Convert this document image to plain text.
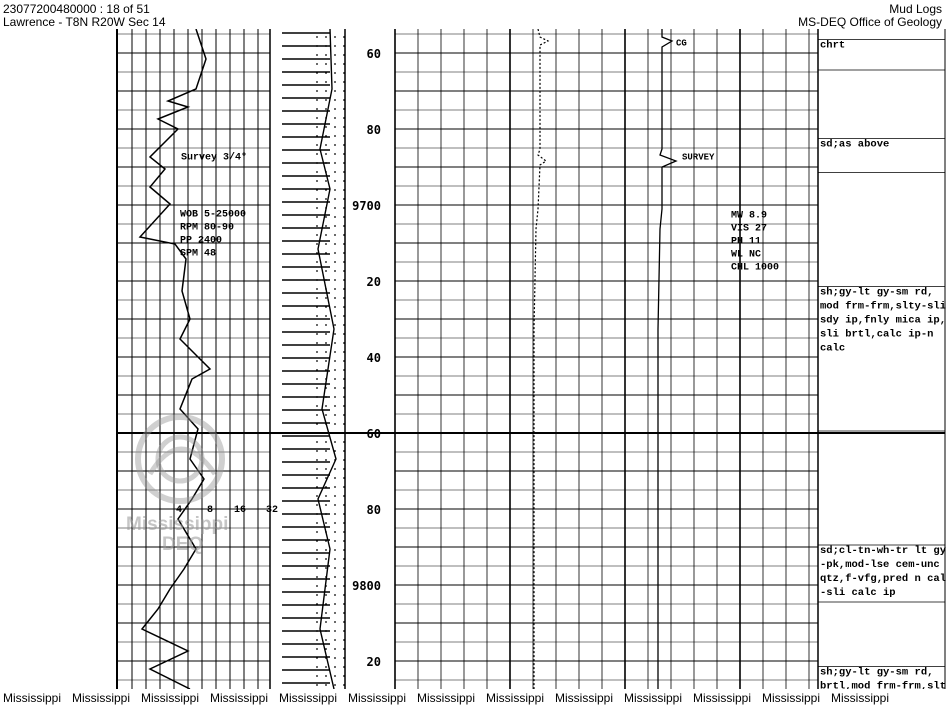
23077200480000 : 18 of 51
Lawrence - T8N R20W Sec 14
Mud Logs
MS-DEQ Office of Geology
60
80
9700
20
40
60
80
9800
20
Survey 3/4°
WOB 5-25000
RPM 80-90
PP 2400
SPM 48
4 8 16 32
CG
SURVEY
MW 8.9
VIS 27
PH 11
WL NC
CHL 1000
chrt
sd;as above
sh;gy-lt gy-sm rd,
mod frm-frm,slty-sli
sdy ip,fnly mica ip,
sli brtl,calc ip-n
calc
sd;cl-tn-wh-tr lt gy
-pk,mod-lse cem-unc
qtz,f-vfg,pred n cal
-sli calc ip
sh;gy-lt gy-sm rd,
brtl,mod frm-frm,slt
Mississippi
DEQ
Mississippi Mississippi Mississippi Mississippi Mississippi Mississippi Mississippi Mississippi Mississippi Mississippi Mississippi Mississippi Mississippi
